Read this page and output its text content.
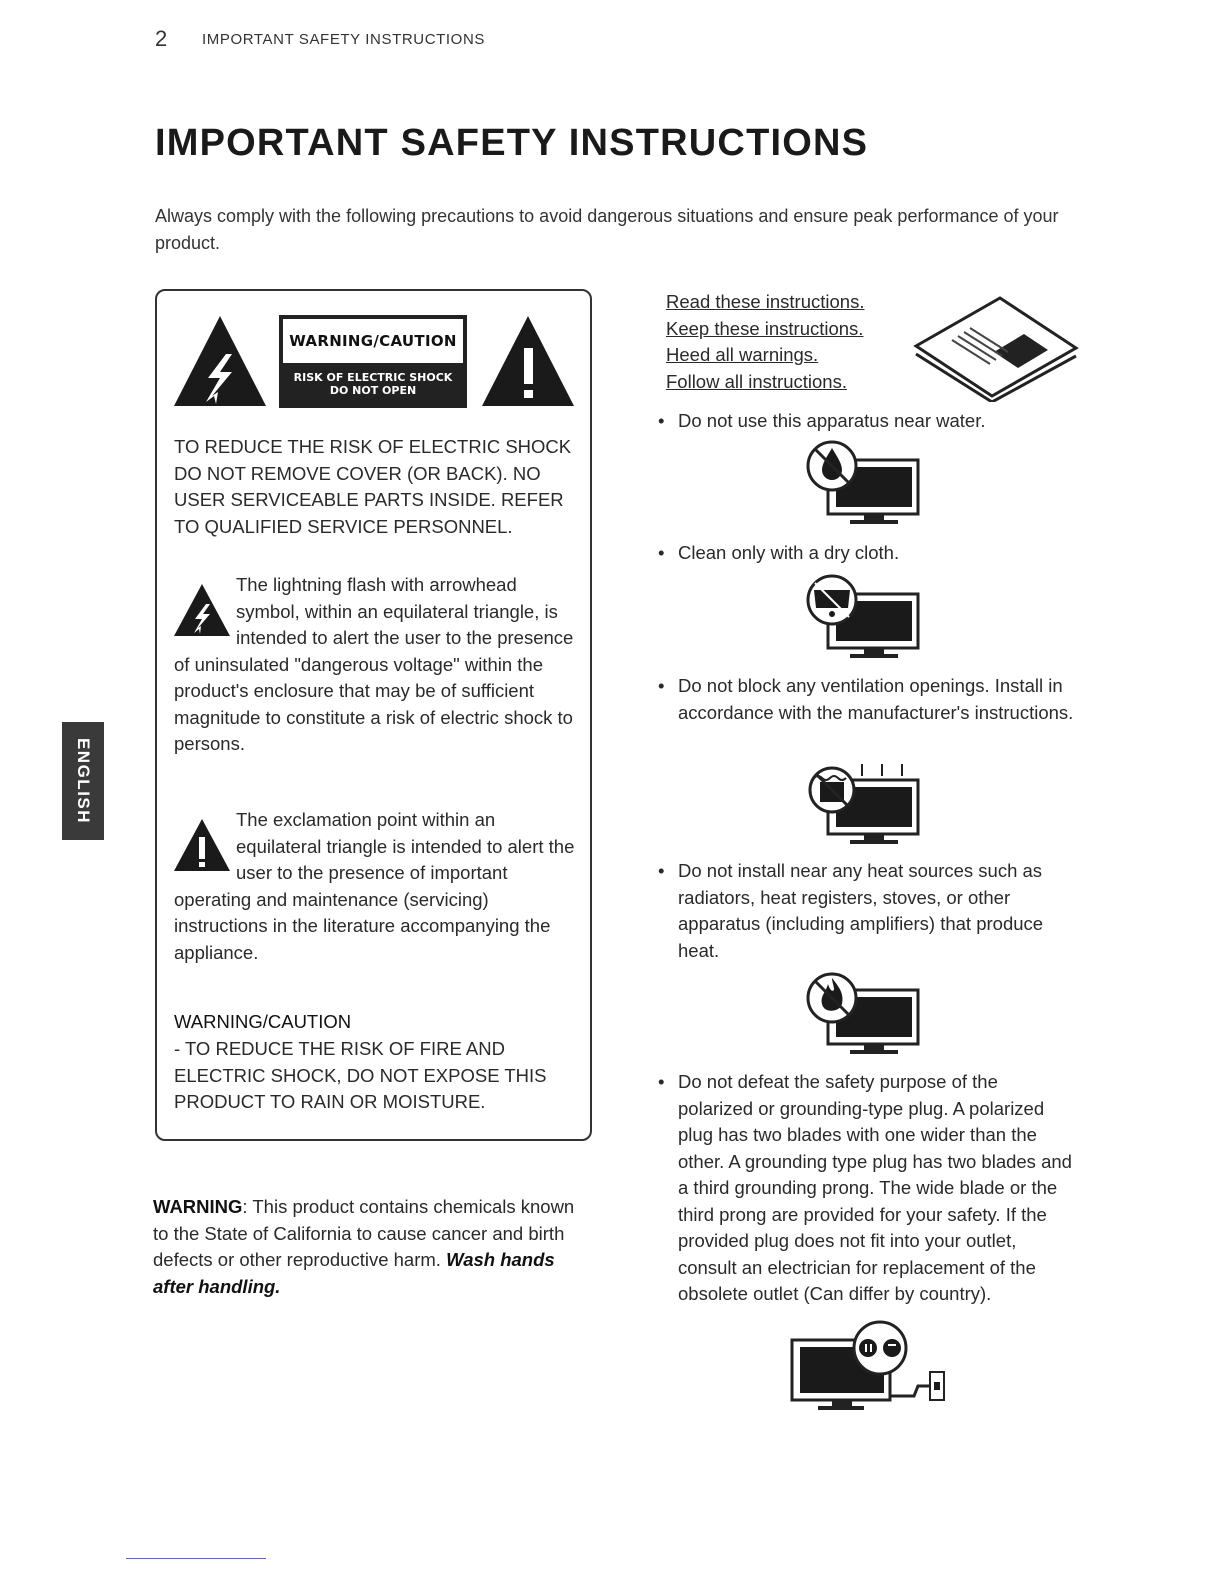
2 IMPORTANT SAFETY INSTRUCTIONS
IMPORTANT SAFETY INSTRUCTIONS

Always comply with the following precautions to avoid dangerous situations and ensure peak performance of your product.

ENGLISH
WARNING/CAUTION
RISK OF ELECTRIC SHOCK
DO NOT OPEN

TO REDUCE THE RISK OF ELECTRIC SHOCK DO NOT REMOVE COVER (OR BACK). NO USER SERVICEABLE PARTS INSIDE. REFER TO QUALIFIED SERVICE PERSONNEL.

The lightning flash with arrowhead symbol, within an equilateral triangle, is intended to alert the user to the presence of uninsulated "dangerous voltage" within the product's enclosure that may be of sufficient magnitude to constitute a risk of electric shock to persons.
The exclamation point within an equilateral triangle is intended to alert the user to the presence of important operating and maintenance (servicing) instructions in the literature accompanying the appliance.
WARNING/CAUTION

- TO REDUCE THE RISK OF FIRE AND ELECTRIC SHOCK, DO NOT EXPOSE THIS PRODUCT TO RAIN OR MOISTURE.

WARNING: This product contains chemicals known to the State of California to cause cancer and birth defects or other reproductive harm. Wash hands after handling.

Read these instructions.
Keep these instructions.
Heed all warnings.
Follow all instructions.
• Do not use this apparatus near water.
• Clean only with a dry cloth.
• Do not block any ventilation openings. Install in accordance with the manufacturer's instructions.
• Do not install near any heat sources such as radiators, heat registers, stoves, or other apparatus (including amplifiers) that produce heat.
• Do not defeat the safety purpose of the polarized or grounding-type plug. A polarized plug has two blades with one wider than the other. A grounding type plug has two blades and a third grounding prong. The wide blade or the third prong are provided for your safety. If the provided plug does not fit into your outlet, consult an electrician for replacement of the obsolete outlet (Can differ by country).
